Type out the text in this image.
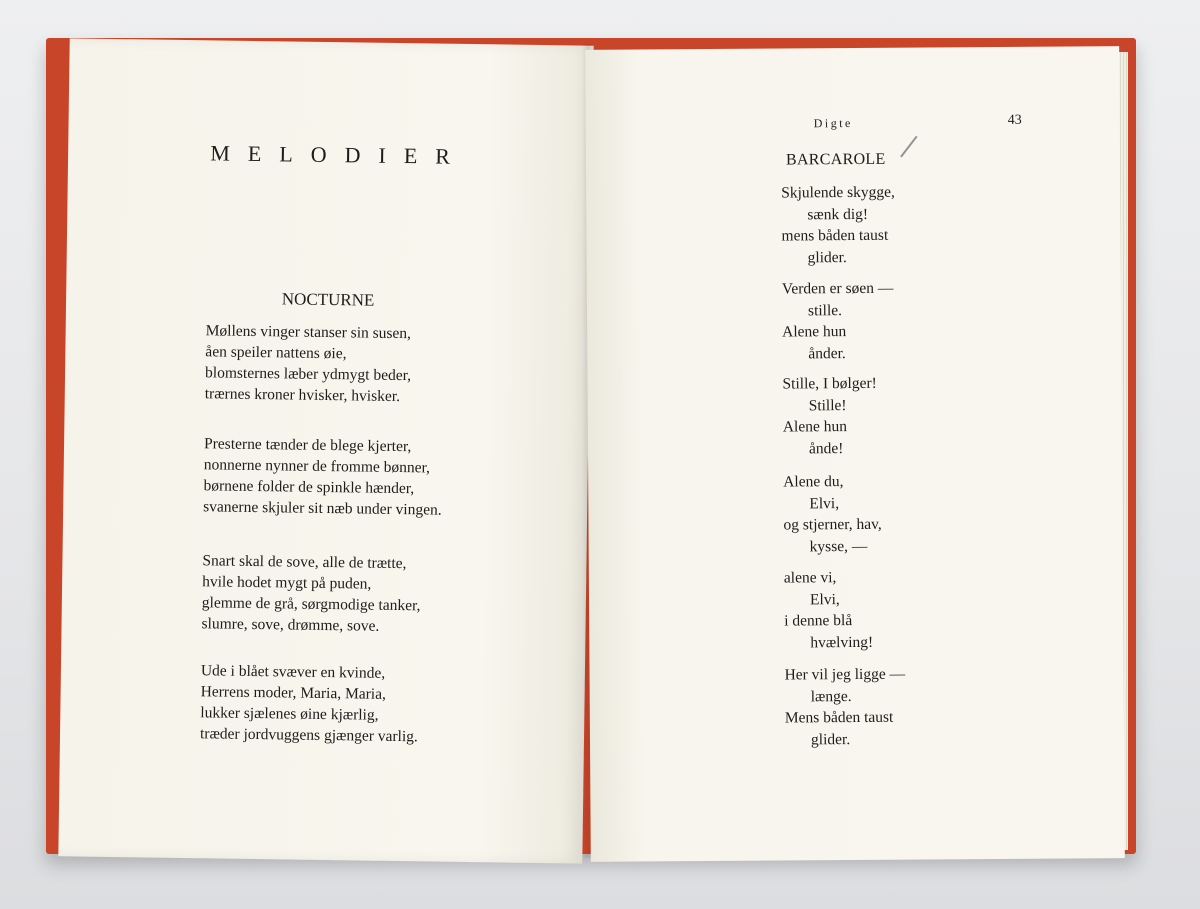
MELODIER
NOCTURNE
Møllens vinger stanser sin susen,
åen speiler nattens øie,
blomsternes læber ydmygt beder,
trærnes kroner hvisker, hvisker.
Presterne tænder de blege kjerter,
nonnerne nynner de fromme bønner,
børnene folder de spinkle hænder,
svanerne skjuler sit næb under vingen.
Snart skal de sove, alle de trætte,
hvile hodet mygt på puden,
glemme de grå, sørgmodige tanker,
slumre, sove, drømme, sove.
Ude i blået svæver en kvinde,
Herrens moder, Maria, Maria,
lukker sjælenes øine kjærlig,
træder jordvuggens gjænger varlig.
Digte	43
BARCAROLE
Skjulende skygge,
sænk dig!
mens båden taust
glider.
Verden er søen —
stille.
Alene hun
ånder.
Stille, I bølger!
Stille!
Alene hun
ånde!
Alene du,
Elvi,
og stjerner, hav,
kysse, —
alene vi,
Elvi,
i denne blå
hvælving!
Her vil jeg ligge —
længe.
Mens båden taust
glider.
